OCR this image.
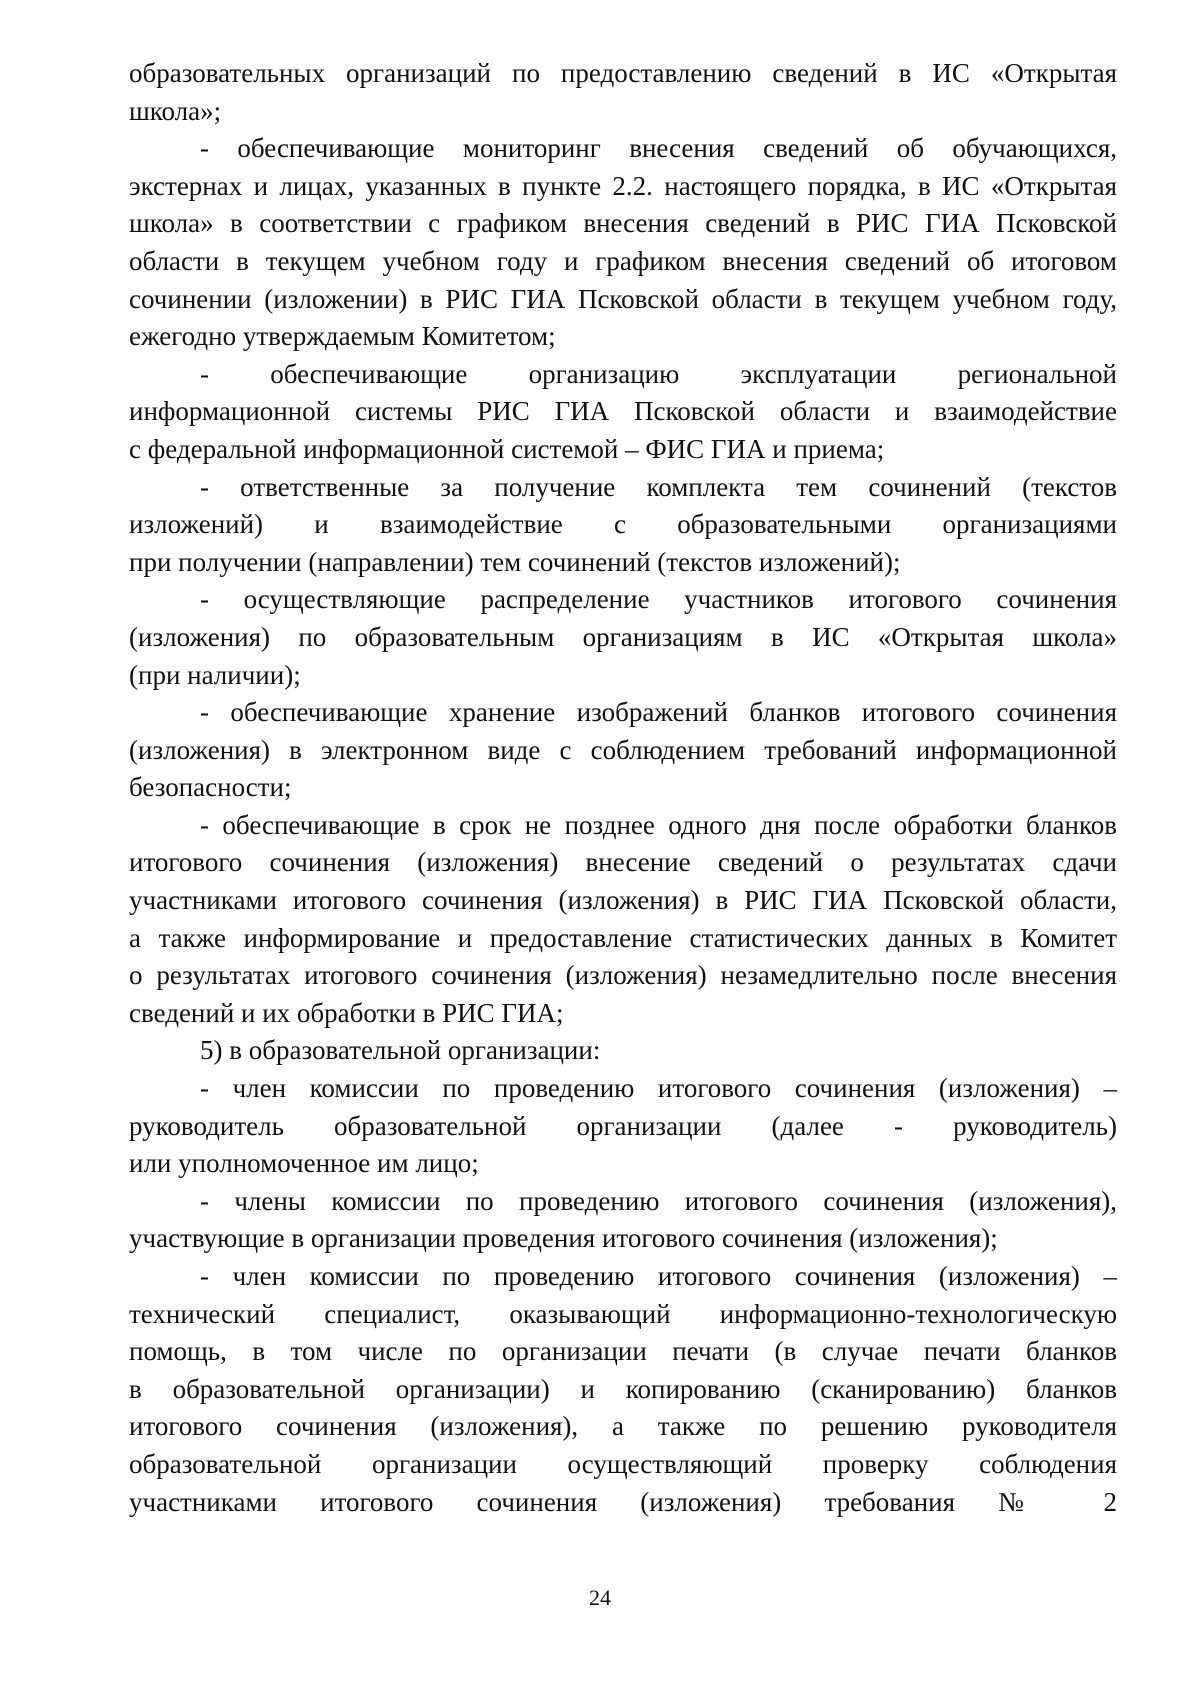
образовательных организаций по предоставлению сведений в ИС «Открытая
школа»;
- обеспечивающие мониторинг внесения сведений об обучающихся,
экстернах и лицах, указанных в пункте 2.2. настоящего порядка, в ИС «Открытая
школа» в соответствии с графиком внесения сведений в РИС ГИА Псковской
области в текущем учебном году и графиком внесения сведений об итоговом
сочинении (изложении) в РИС ГИА Псковской области в текущем учебном году,
ежегодно утверждаемым Комитетом;
- обеспечивающие организацию эксплуатации региональной
информационной системы РИС ГИА Псковской области и взаимодействие
с федеральной информационной системой – ФИС ГИА и приема;
- ответственные за получение комплекта тем сочинений (текстов
изложений) и взаимодействие с образовательными организациями
при получении (направлении) тем сочинений (текстов изложений);
- осуществляющие распределение участников итогового сочинения
(изложения) по образовательным организациям в ИС «Открытая школа»
(при наличии);
- обеспечивающие хранение изображений бланков итогового сочинения
(изложения) в электронном виде с соблюдением требований информационной
безопасности;
- обеспечивающие в срок не позднее одного дня после обработки бланков
итогового сочинения (изложения) внесение сведений о результатах сдачи
участниками итогового сочинения (изложения) в РИС ГИА Псковской области,
а также информирование и предоставление статистических данных в Комитет
о результатах итогового сочинения (изложения) незамедлительно после внесения
сведений и их обработки в РИС ГИА;
5) в образовательной организации:
- член комиссии по проведению итогового сочинения (изложения) –
руководитель образовательной организации (далее - руководитель)
или уполномоченное им лицо;
- члены комиссии по проведению итогового сочинения (изложения),
участвующие в организации проведения итогового сочинения (изложения);
- член комиссии по проведению итогового сочинения (изложения) –
технический специалист, оказывающий информационно-технологическую
помощь, в том числе по организации печати (в случае печати бланков
в образовательной организации) и копированию (сканированию) бланков
итогового сочинения (изложения), а также по решению руководителя
образовательной организации осуществляющий проверку соблюдения
участниками итогового сочинения (изложения) требования № 2
24
